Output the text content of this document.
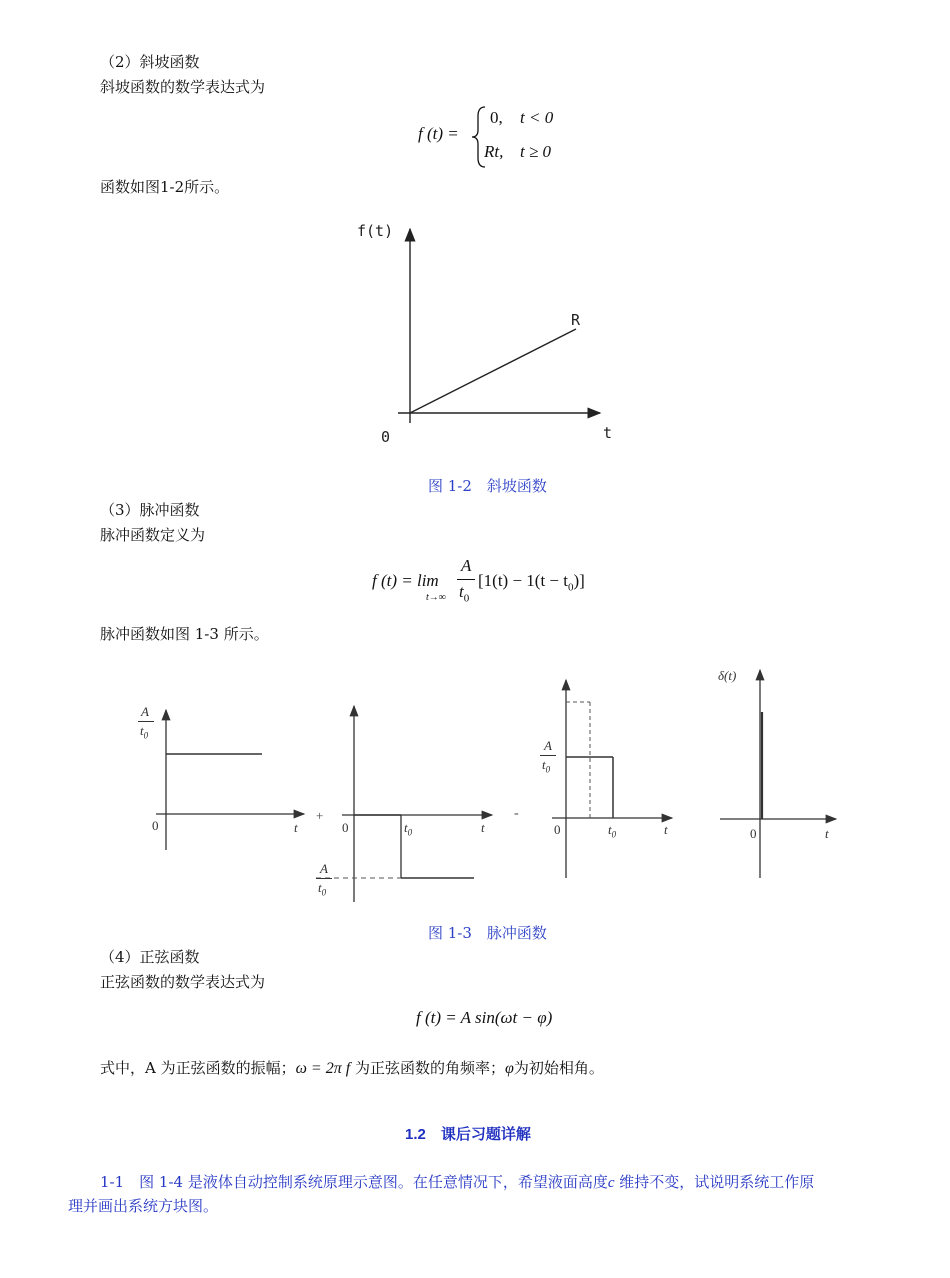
（2）斜坡函数
斜坡函数的数学表达式为
f (t) =
0, t < 0
Rt, t ≥ 0
函数如图1-2所示。
f(t)
0	t
R
图 1-2　斜坡函数
（3）脉冲函数
脉冲函数定义为
f (t) = lim
t→∞
A
$t_0$
$[1(t) - 1(t - t_0)]$
脉冲函数如图 1-3 所示。
A
$t_0$
0	t
+
0	$t_0$	t
A
$t_0$
-
A
$t_0$
0	$t_0$	t
δ(t)
0	t
图 1-3　脉冲函数
（4）正弦函数
正弦函数的数学表达式为
f (t) = A sin(ωt − φ)
式中，A 为正弦函数的振幅；ω = 2π f 为正弦函数的角频率；φ为初始相角。
1.2　课后习题详解
1-1　图 1-4 是液体自动控制系统原理示意图。在任意情况下，希望液面高度c 维持不变，试说明系统工作原
理并画出系统方块图。
